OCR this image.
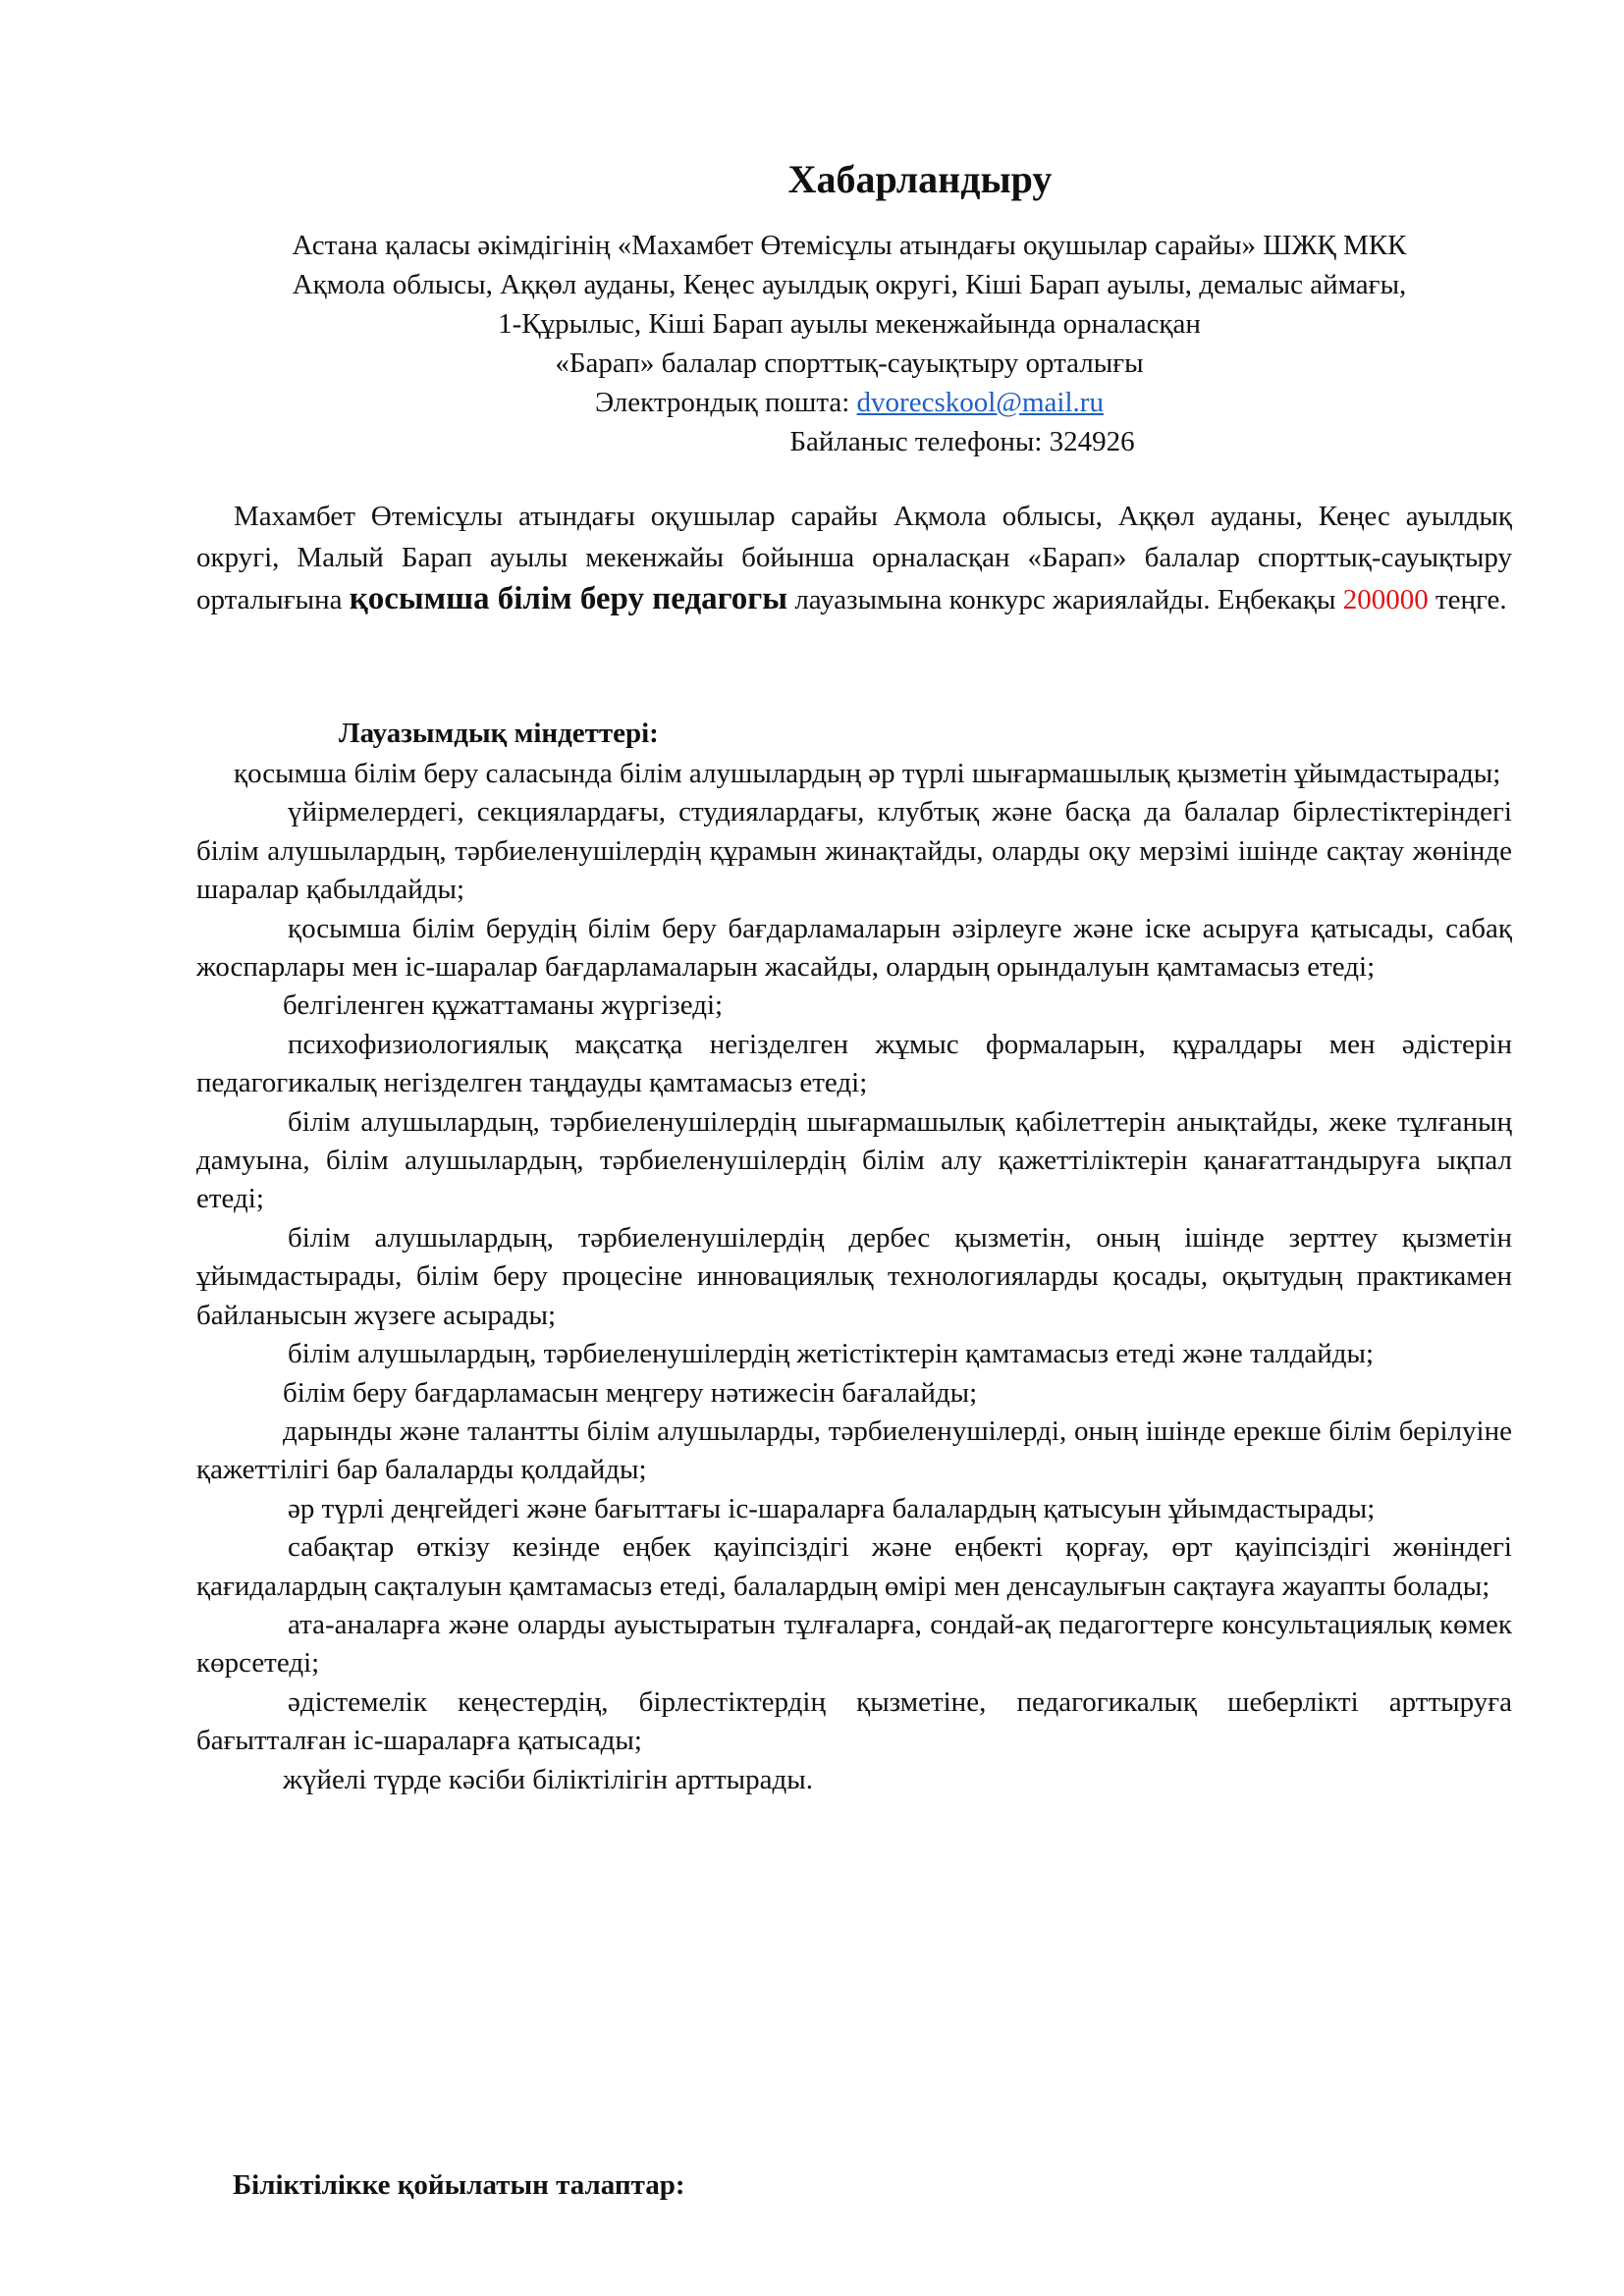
Хабарландыру
Астана қаласы әкімдігінің «Махамбет Өтемісұлы атындағы оқушылар сарайы» ШЖҚ МКК
Ақмола облысы, Аққөл ауданы, Кеңес ауылдық округі, Кіші Барап ауылы, демалыс аймағы,
1-Құрылыс, Кіші Барап ауылы мекенжайында орналасқан
«Барап» балалар спорттық-сауықтыру орталығы
Электрондық пошта: dvorecskool@mail.ru
Байланыс телефоны: 324926

Махамбет Өтемісұлы атындағы оқушылар сарайы Ақмола облысы, Аққөл ауданы, Кеңес ауылдық округі, Малый Барап ауылы мекенжайы бойынша орналасқан «Барап» балалар спорттық-сауықтыру орталығына қосымша білім беру педагогы лауазымына конкурс жариялайды. Еңбекақы 200000 теңге.

Лауазымдық міндеттері:

қосымша білім беру саласында білім алушылардың әр түрлі шығармашылық қызметін ұйымдастырады;

үйірмелердегі, секциялардағы, студиялардағы, клубтық және басқа да балалар бірлестіктеріндегі білім алушылардың, тәрбиеленушілердің құрамын жинақтайды, оларды оқу мерзімі ішінде сақтау жөнінде шаралар қабылдайды;

қосымша білім берудің білім беру бағдарламаларын әзірлеуге және іске асыруға қатысады, сабақ жоспарлары мен іс-шаралар бағдарламаларын жасайды, олардың орындалуын қамтамасыз етеді;

белгіленген құжаттаманы жүргізеді;

психофизиологиялық мақсатқа негізделген жұмыс формаларын, құралдары мен әдістерін педагогикалық негізделген таңдауды қамтамасыз етеді;

білім алушылардың, тәрбиеленушілердің шығармашылық қабілеттерін анықтайды, жеке тұлғаның дамуына, білім алушылардың, тәрбиеленушілердің білім алу қажеттіліктерін қанағаттандыруға ықпал етеді;

білім алушылардың, тәрбиеленушілердің дербес қызметін, оның ішінде зерттеу қызметін ұйымдастырады, білім беру процесіне инновациялық технологияларды қосады, оқытудың практикамен байланысын жүзеге асырады;

білім алушылардың, тәрбиеленушілердің жетістіктерін қамтамасыз етеді және талдайды;

білім беру бағдарламасын меңгеру нәтижесін бағалайды;

дарынды және талантты білім алушыларды, тәрбиеленушілерді, оның ішінде ерекше білім берілуіне қажеттілігі бар балаларды қолдайды;

әр түрлі деңгейдегі және бағыттағы іс-шараларға балалардың қатысуын ұйымдастырады;

сабақтар өткізу кезінде еңбек қауіпсіздігі және еңбекті қорғау, өрт қауіпсіздігі жөніндегі қағидалардың сақталуын қамтамасыз етеді, балалардың өмірі мен денсаулығын сақтауға жауапты болады;

ата-аналарға және оларды ауыстыратын тұлғаларға, сондай-ақ педагогтерге консультациялық көмек көрсетеді;

әдістемелік кеңестердің, бірлестіктердің қызметіне, педагогикалық шеберлікті арттыруға бағытталған іс-шараларға қатысады;

жүйелі түрде кәсіби біліктілігін арттырады.

Біліктілікке қойылатын талаптар:
